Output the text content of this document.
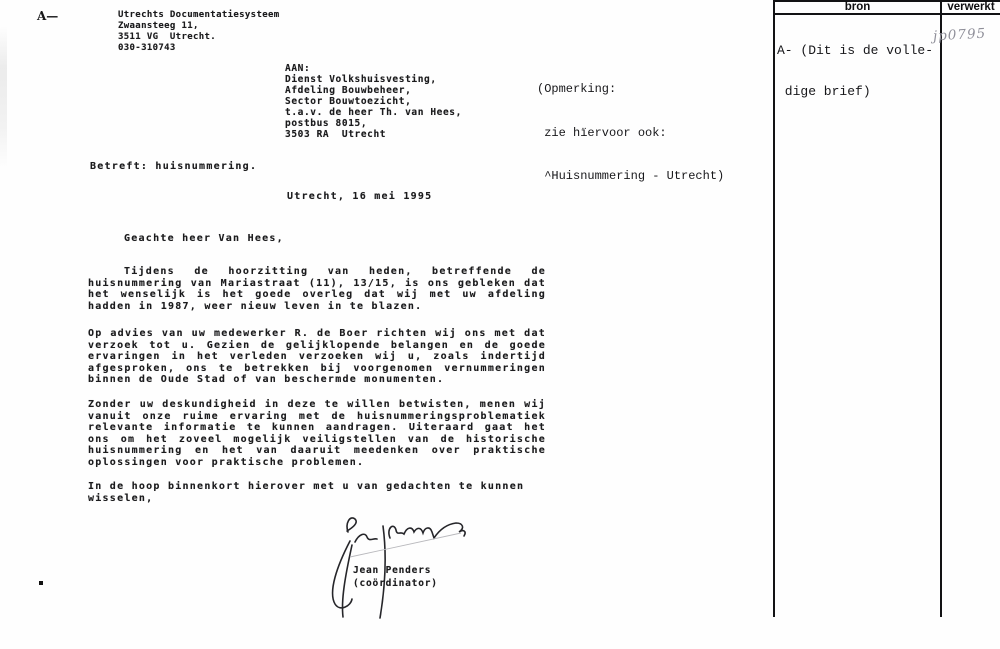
A—	Utrechts Documentatiesysteem
Zwaansteeg 11,
3511 VG  Utrecht.
030-310743
AAN:
Dienst Volkshuisvesting,
Afdeling Bouwbeheer,
Sector Bouwtoezicht,
t.a.v. de heer Th. van Hees,
postbus 8015,
3503 RA  Utrecht

(Opmerking:

zie hïervoor ook:

^Huisnummering - Utrecht)

Betreft: huisnummering.
Utrecht, 16 mei 1995
Geachte heer Van Hees,

Tijdens de hoorzitting van heden, betreffende de huisnummering van Mariastraat (11), 13/15, is ons gebleken dat het wenselijk is het goede overleg dat wij met uw afdeling hadden in 1987, weer nieuw leven in te blazen.

Op advies van uw medewerker R. de Boer richten wij ons met dat verzoek tot u. Gezien de gelijklopende belangen en de goede ervaringen in het verleden verzoeken wij u, zoals indertijd afgesproken, ons te betrekken bij voorgenomen vernummeringen binnen de Oude Stad of van beschermde monumenten.

Zonder uw deskundigheid in deze te willen betwisten, menen wij vanuit onze ruime ervaring met de huisnummeringsproblematiek relevante informatie te kunnen aandragen. Uiteraard gaat het ons om het zoveel mogelijk veiligstellen van de historische huisnummering en het van daaruit meedenken over praktische oplossingen voor praktische problemen.

In de hoop binnenkort hierover met u van gedachten te kunnen wisselen,

Jean Penders
(coördinator)
bron	verwerkt

A- (Dit is de volle-

dige brief)

jp0795
